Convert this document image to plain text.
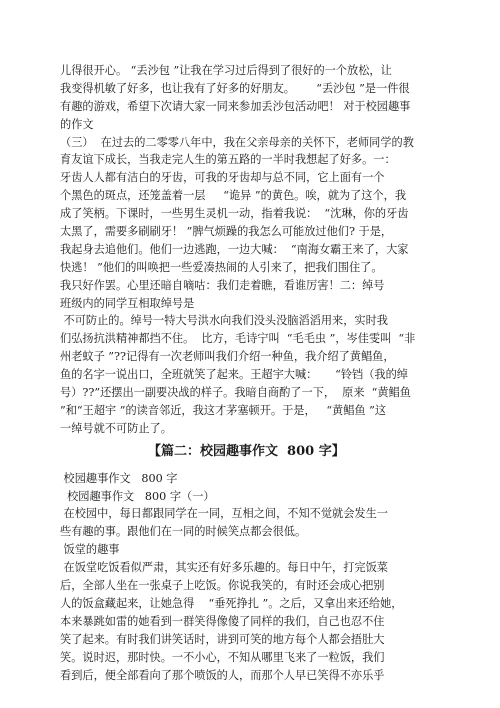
儿得很开心。 “丢沙包 ”让我在学习过后得到了很好的一个放松，让
我变得机敏了好多，也让我有了好多的好朋友。      “丢沙包 ”是一件很
有趣的游戏，希望下次请大家一同来参加丢沙包活动吧！ 对于校园趣事
的作文
（三）  在过去的二零零八年中，我在父亲母亲的关怀下，老师同学的教
育友谊下成长，当我走完人生的第五路的一半时我想起了好多。一：
牙齿人人都有洁白的牙齿，可我的牙齿却与总不同，它上面有一个
个黑色的斑点，还笼盖着一层     “诡异 ”的黄色。唉，就为了这个，我
成了笑柄。下课时，一些男生灵机一动，指着我说：  “沈琳，你的牙齿
太黑了，需要多刷刷牙！ ”脾气烦躁的我怎么可能放过他们? 于是，
我起身去追他们。他们一边逃跑，一边大喊：  “南海女霸王来了，大家
快逃！ ”他们的叫唤把一些爱凑热闹的人引来了，把我们围住了。
我只好作罢。心里还暗自嘀咕：我们走着瞧，看谁厉害！二：绰号
班级内的同学互相取绰号是
不可防止的。绰号一特大号洪水向我们没头没脑滔滔用来，实时我
们弘扬抗洪精神都挡不住。  比方，毛诗宁叫  “毛毛虫 ”，岑佳雯叫  “非
州老蚊子 ”??记得有一次老师叫我们介绍一种鱼，我介绍了黄鲳鱼，
鱼的名字一说出口，全班就笑了起来。王超宇大喊：     “铃铛（我的绰
号）??”还摆出一副要决战的样子。我暗自商酌了一下，  原来  “黄鲳鱼
”和“王超宇 ”的读音邻近，我这才茅塞顿开。于是，   “黄鲳鱼 ”这
一绰号就不可防止了。
【篇二：校园趣事作文  800 字】
校园趣事作文   800 字
校园趣事作文   800 字（一）
在校园中，每日都跟同学在一同，互相之间，不知不觉就会发生一
些有趣的事。跟他们在一同的时候笑点都会很低。
饭堂的趣事
在饭堂吃饭看似严肃，其实还有好多乐趣的。每日中午，打完饭菜
后，全部人坐在一张桌子上吃饭。你说我笑的，有时还会成心把别
人的饭盒藏起来，让她急得    “垂死挣扎 ”。之后，又拿出来还给她，
本来暴跳如雷的她看到一群笑得像傻了同样的我们，自己也忍不住
笑了起来。有时我们讲笑话时，讲到可笑的地方每个人都会捂肚大
笑。说时迟，那时快。一不小心，不知从哪里飞来了一粒饭，我们
看到后，便全部看向了那个喷饭的人，而那个人早已笑得不亦乐乎
